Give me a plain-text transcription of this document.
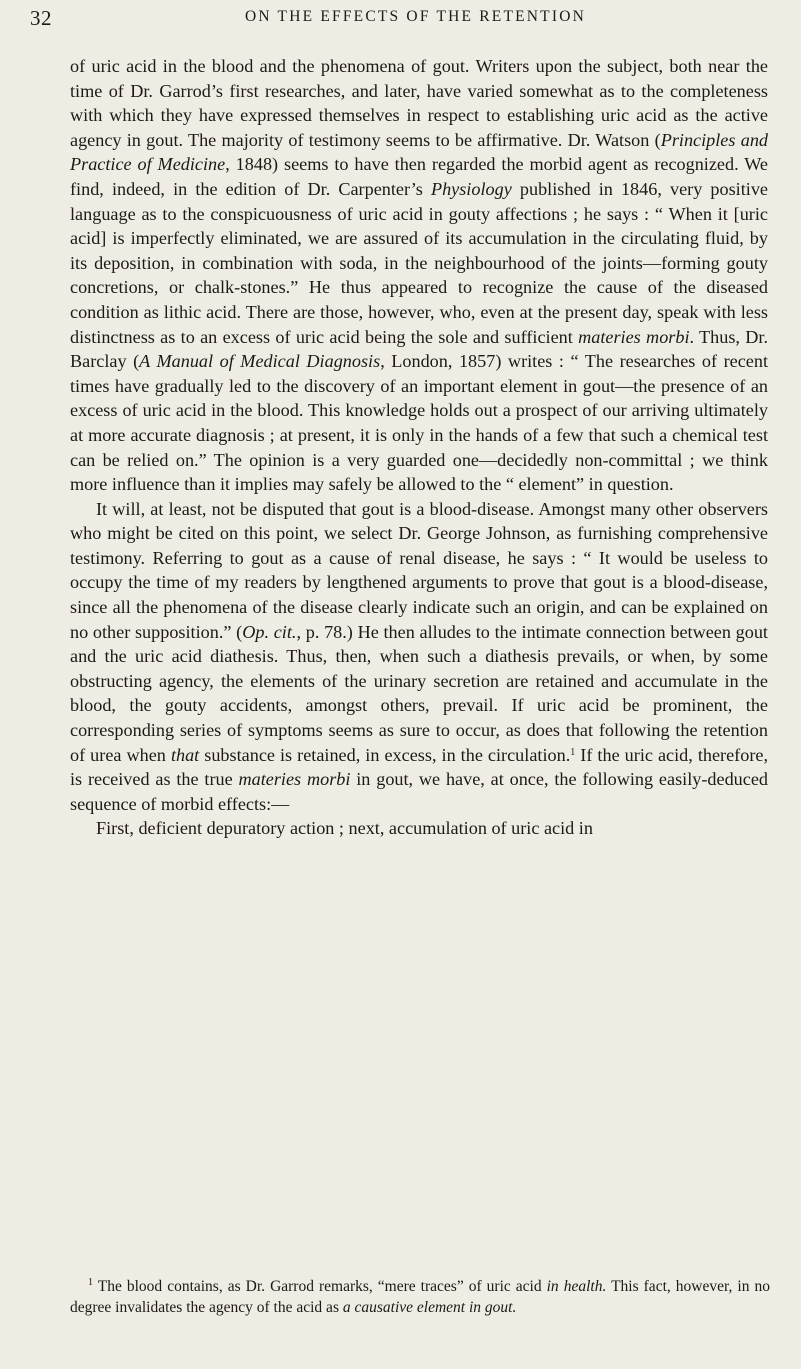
32	ON THE EFFECTS OF THE RETENTION

of uric acid in the blood and the phenomena of gout. Writers upon the subject, both near the time of Dr. Garrod’s first researches, and later, have varied somewhat as to the completeness with which they have expressed themselves in respect to establishing uric acid as the active agency in gout. The majority of testimony seems to be affirmative. Dr. Watson (Principles and Practice of Medicine, 1848) seems to have then regarded the morbid agent as recognized. We find, indeed, in the edition of Dr. Carpenter’s Physiology published in 1846, very positive language as to the conspicuousness of uric acid in gouty affections ; he says : “ When it [uric acid] is imperfectly eliminated, we are assured of its accumulation in the circulating fluid, by its deposition, in combination with soda, in the neighbourhood of the joints—forming gouty concretions, or chalk-stones.” He thus appeared to recognize the cause of the diseased condition as lithic acid. There are those, however, who, even at the present day, speak with less distinctness as to an excess of uric acid being the sole and sufficient materies morbi. Thus, Dr. Barclay (A Manual of Medical Diagnosis, London, 1857) writes : “ The researches of recent times have gradually led to the discovery of an important element in gout—the presence of an excess of uric acid in the blood. This knowledge holds out a prospect of our arriving ultimately at more accurate diagnosis ; at present, it is only in the hands of a few that such a chemical test can be relied on.” The opinion is a very guarded one—decidedly non-committal ; we think more influence than it implies may safely be allowed to the “ element” in question.

It will, at least, not be disputed that gout is a blood-disease. Amongst many other observers who might be cited on this point, we select Dr. George Johnson, as furnishing comprehensive testimony. Referring to gout as a cause of renal disease, he says : “ It would be useless to occupy the time of my readers by lengthened arguments to prove that gout is a blood-disease, since all the phenomena of the disease clearly indicate such an origin, and can be explained on no other supposition.” (Op. cit., p. 78.) He then alludes to the intimate connection between gout and the uric acid diathesis. Thus, then, when such a diathesis prevails, or when, by some obstructing agency, the elements of the urinary secretion are retained and accumulate in the blood, the gouty accidents, amongst others, prevail. If uric acid be prominent, the corresponding series of symptoms seems as sure to occur, as does that following the retention of urea when that substance is retained, in excess, in the circulation.$^1$ If the uric acid, therefore, is received as the true materies morbi in gout, we have, at once, the following easily-deduced sequence of morbid effects:—

First, deficient depuratory action ; next, accumulation of uric acid in

$^1$ The blood contains, as Dr. Garrod remarks, “mere traces” of uric acid in health. This fact, however, in no degree invalidates the agency of the acid as a causative element in gout.
